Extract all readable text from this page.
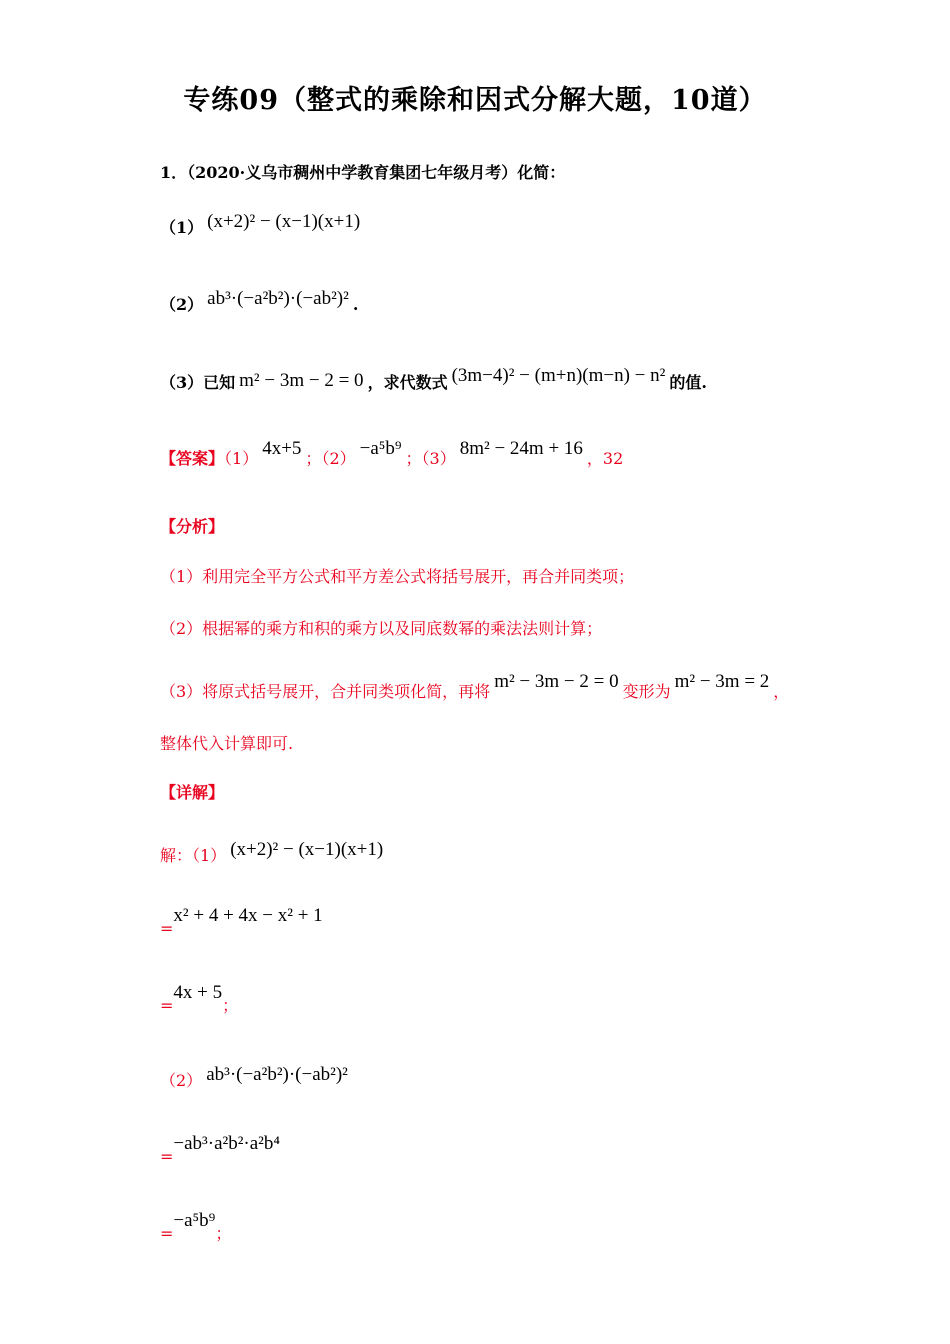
专练09（整式的乘除和因式分解大题，10道）
1．（2020·义乌市稠州中学教育集团七年级月考）化简：
（1） (x+2)² − (x−1)(x+1)
（2） ab³·(−a²b²)·(−ab²)² .
（3）已知 m² − 3m − 2 = 0 ，求代数式 (3m−4)² − (m+n)(m−n) − n² 的值.
【答案】（1） 4x+5 ；（2） −a⁵b⁹ ；（3） 8m² − 24m + 16 ，32
【分析】
（1）利用完全平方公式和平方差公式将括号展开，再合并同类项；
（2）根据幂的乘方和积的乘方以及同底数幂的乘法法则计算；
（3）将原式括号展开，合并同类项化简，再将 m² − 3m − 2 = 0 变形为 m² − 3m = 2 ，
整体代入计算即可.
【详解】
解：（1） (x+2)² − (x−1)(x+1)
=x² + 4 + 4x − x² + 1
=4x + 5；
（2） ab³·(−a²b²)·(−ab²)²
=−ab³·a²b²·a²b⁴
=−a⁵b⁹；
